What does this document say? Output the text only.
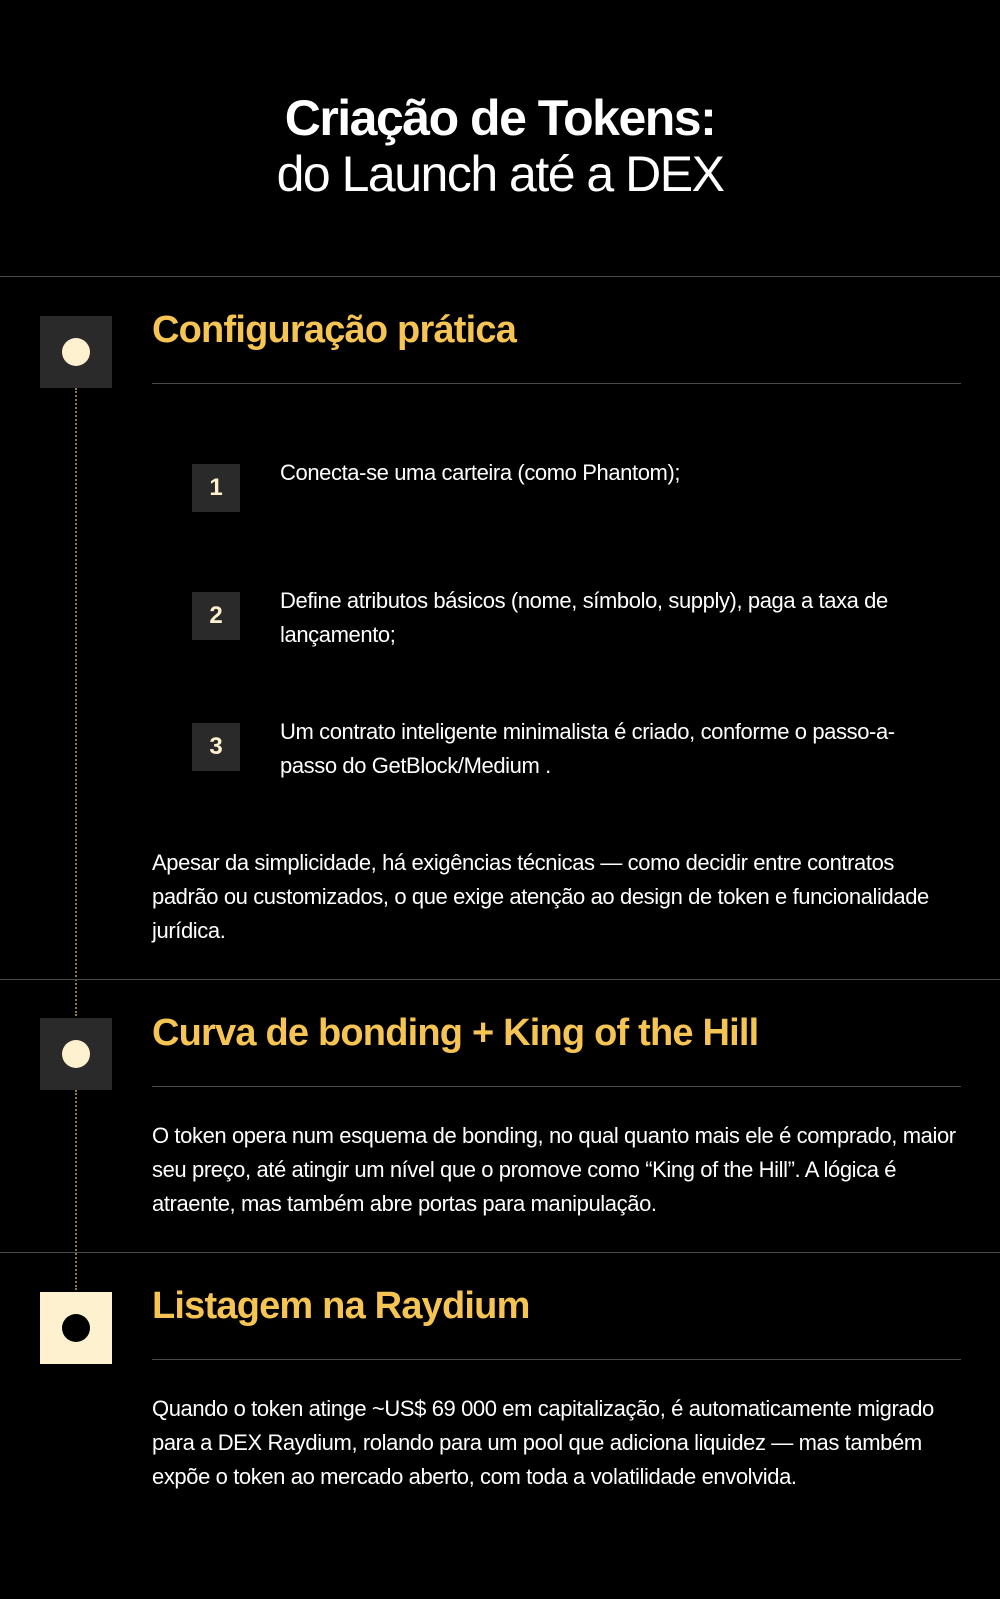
Criação de Tokens:
do Launch até a DEX
Configuração prática
1
Conecta-se uma carteira (como Phantom);
2
Define atributos básicos (nome, símbolo, supply), paga a taxa de lançamento;
3
Um contrato inteligente minimalista é criado, conforme o passo-a-passo do GetBlock/Medium .
Apesar da simplicidade, há exigências técnicas — como decidir entre contratos padrão ou customizados, o que exige atenção ao design de token e funcionalidade jurídica.
Curva de bonding + King of the Hill
O token opera num esquema de bonding, no qual quanto mais ele é comprado, maior seu preço, até atingir um nível que o promove como “King of the Hill”. A lógica é atraente, mas também abre portas para manipulação.
Listagem na Raydium
Quando o token atinge ~US$ 69 000 em capitalização, é automaticamente migrado para a DEX Raydium, rolando para um pool que adiciona liquidez — mas também expõe o token ao mercado aberto, com toda a volatilidade envolvida.
